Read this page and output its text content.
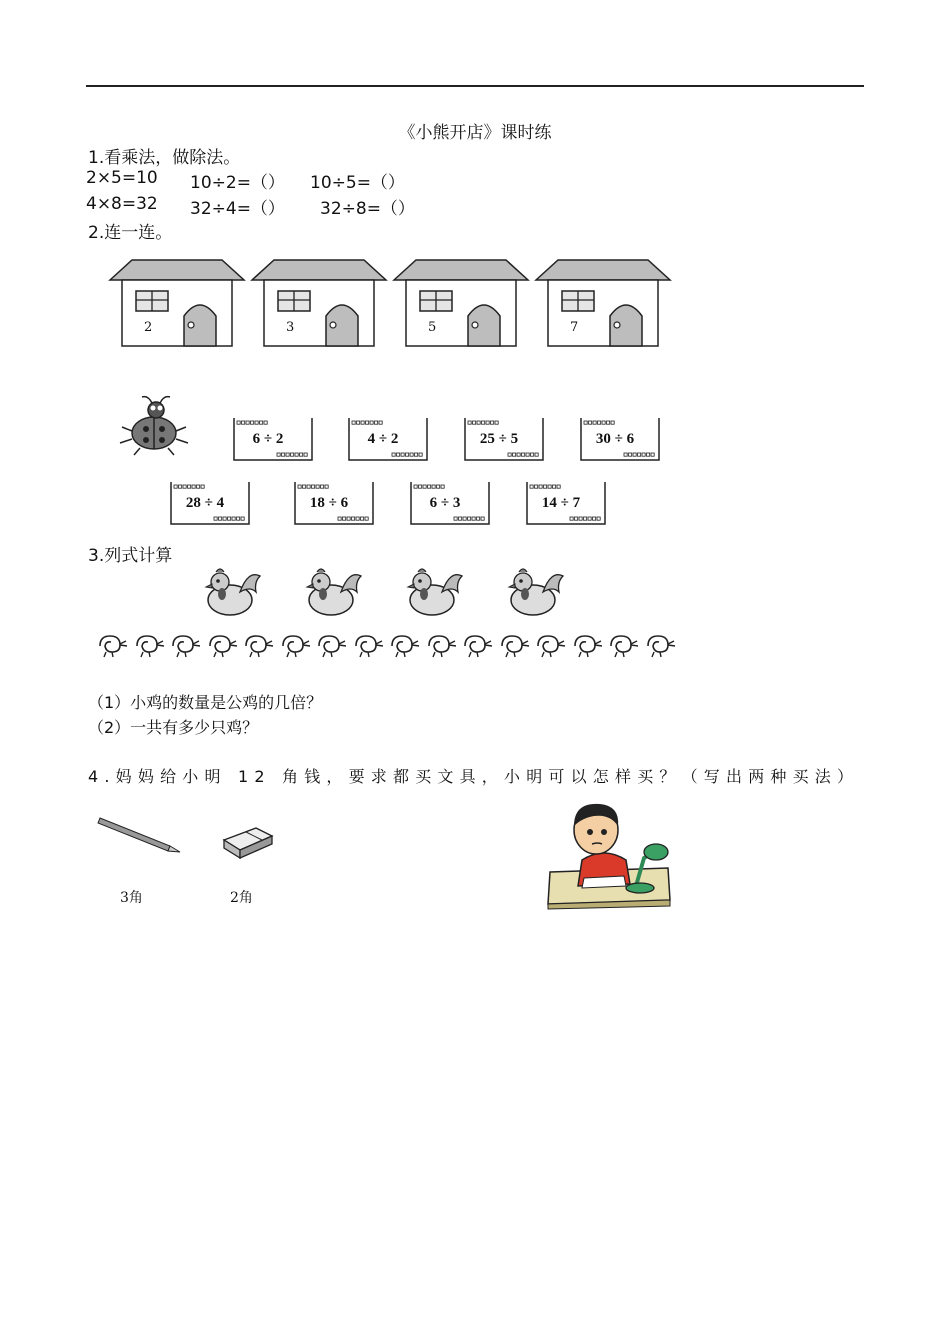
《小熊开店》课时练
1.看乘法，做除法。
2×5=10 10÷2=（） 10÷5=（）
4×8=32 32÷4=（） 32÷8=（）
2.连一连。
2	3	5	7
6 ÷ 2	4 ÷ 2	25 ÷ 5	30 ÷ 6
28 ÷ 4	18 ÷ 6	6 ÷ 3	14 ÷ 7
3.列式计算
（1）小鸡的数量是公鸡的几倍？
（2）一共有多少只鸡？
4.妈妈给小明 12 角钱，要求都买文具，小明可以怎样买？（写出两种买法）
3角	2角
